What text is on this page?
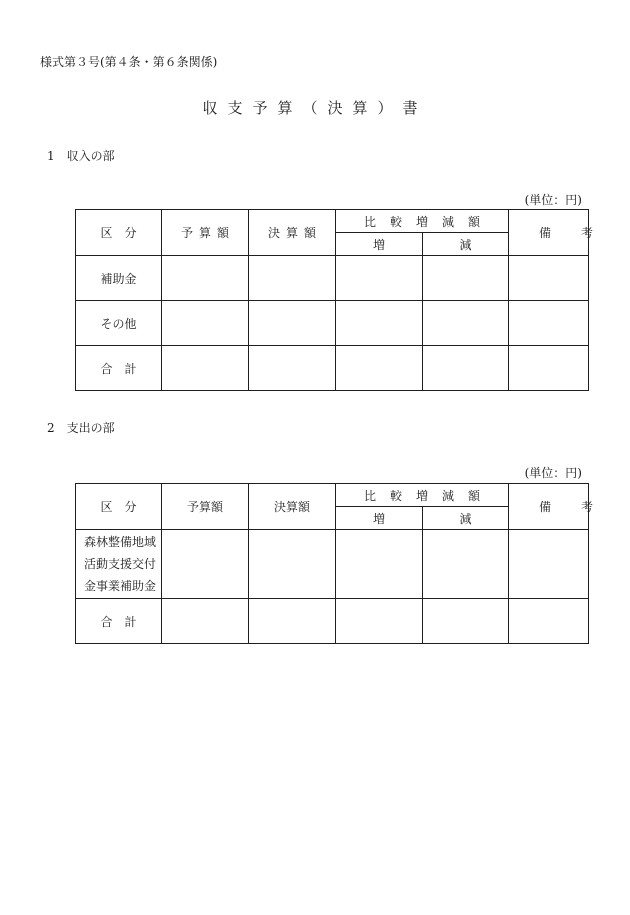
様式第３号(第４条・第６条関係)
収支予算（決算）書
1　収入の部
(単位：円)
区分	予算額	決算額	比較増減額		備考
			増	減	
補助金					
その他					
合　計					
2　支出の部
(単位：円)
区分	予算額	決算額	比較増減額		備考
			増	減	

森林整備地域
活動支援交付
金事業補助金					

合　計					
